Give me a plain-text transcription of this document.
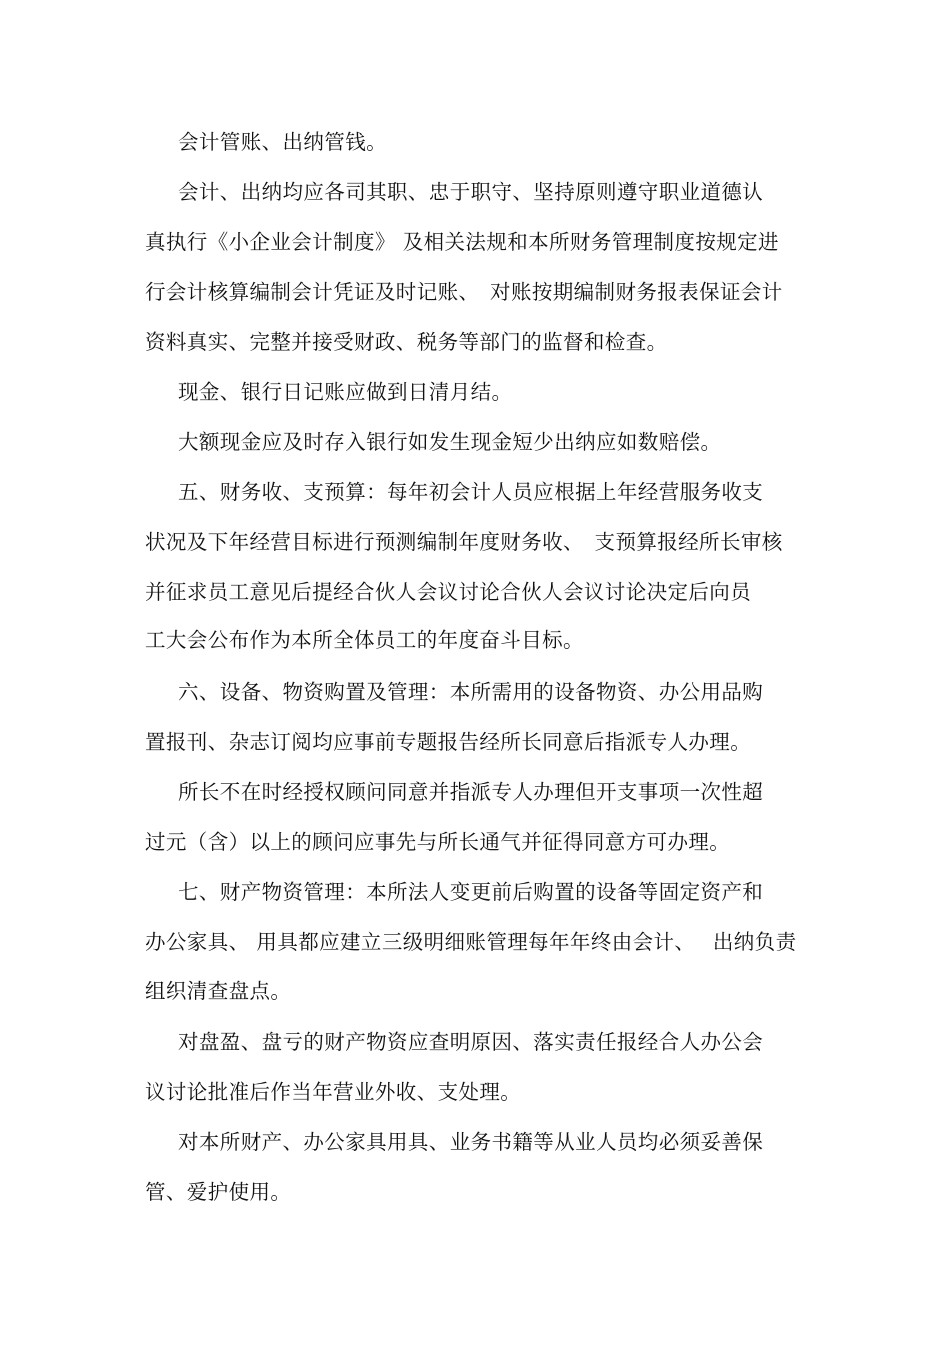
会计管账、出纳管钱。
会计、出纳均应各司其职、忠于职守、坚持原则遵守职业道德认
真执行《小企业会计制度》 及相关法规和本所财务管理制度按规定进
行会计核算编制会计凭证及时记账、　对账按期编制财务报表保证会计
资料真实、完整并接受财政、税务等部门的监督和检查。
现金、银行日记账应做到日清月结。
大额现金应及时存入银行如发生现金短少出纳应如数赔偿。
五、财务收、支预算：每年初会计人员应根据上年经营服务收支
状况及下年经营目标进行预测编制年度财务收、　支预算报经所长审核
并征求员工意见后提经合伙人会议讨论合伙人会议讨论决定后向员
工大会公布作为本所全体员工的年度奋斗目标。
六、设备、物资购置及管理：本所需用的设备物资、办公用品购
置报刊、杂志订阅均应事前专题报告经所长同意后指派专人办理。
所长不在时经授权顾问同意并指派专人办理但开支事项一次性超
过元（含）以上的顾问应事先与所长通气并征得同意方可办理。
七、财产物资管理：本所法人变更前后购置的设备等固定资产和
办公家具、 用具都应建立三级明细账管理每年年终由会计、　 出纳负责
组织清查盘点。
对盘盈、盘亏的财产物资应查明原因、落实责任报经合人办公会
议讨论批准后作当年营业外收、支处理。
对本所财产、办公家具用具、业务书籍等从业人员均必须妥善保
管、爱护使用。
